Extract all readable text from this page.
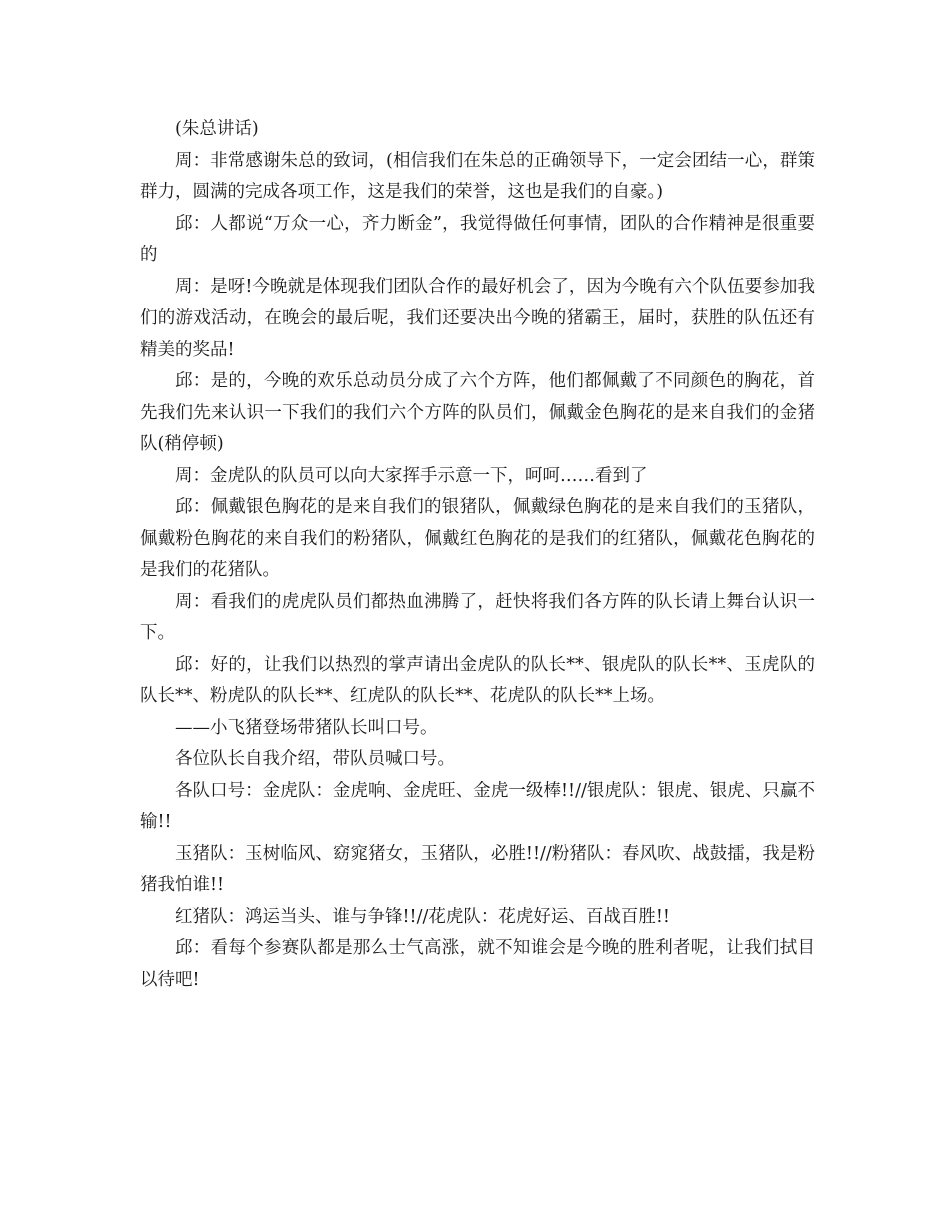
(朱总讲话)

周：非常感谢朱总的致词，(相信我们在朱总的正确领导下，一定会团结一心，群策群力，圆满的完成各项工作，这是我们的荣誉，这也是我们的自豪。)

邱：人都说“万众一心，齐力断金”，我觉得做任何事情，团队的合作精神是很重要的

周：是呀!今晚就是体现我们团队合作的最好机会了，因为今晚有六个队伍要参加我们的游戏活动，在晚会的最后呢，我们还要决出今晚的猪霸王，届时，获胜的队伍还有精美的奖品!

邱：是的，今晚的欢乐总动员分成了六个方阵，他们都佩戴了不同颜色的胸花，首先我们先来认识一下我们的我们六个方阵的队员们，佩戴金色胸花的是来自我们的金猪队(稍停顿)

周：金虎队的队员可以向大家挥手示意一下，呵呵……看到了

邱：佩戴银色胸花的是来自我们的银猪队，佩戴绿色胸花的是来自我们的玉猪队，佩戴粉色胸花的来自我们的粉猪队，佩戴红色胸花的是我们的红猪队，佩戴花色胸花的是我们的花猪队。

周：看我们的虎虎队员们都热血沸腾了，赶快将我们各方阵的队长请上舞台认识一下。

邱：好的，让我们以热烈的掌声请出金虎队的队长**、银虎队的队长**、玉虎队的队长**、粉虎队的队长**、红虎队的队长**、花虎队的队长**上场。

——小飞猪登场带猪队长叫口号。

各位队长自我介绍，带队员喊口号。

各队口号：金虎队：金虎响、金虎旺、金虎一级棒!!//银虎队：银虎、银虎、只赢不输!!

玉猪队：玉树临风、窈窕猪女，玉猪队，必胜!!//粉猪队：春风吹、战鼓擂，我是粉猪我怕谁!!

红猪队：鸿运当头、谁与争锋!!//花虎队：花虎好运、百战百胜!!

邱：看每个参赛队都是那么士气高涨，就不知谁会是今晚的胜利者呢，让我们拭目以待吧!
